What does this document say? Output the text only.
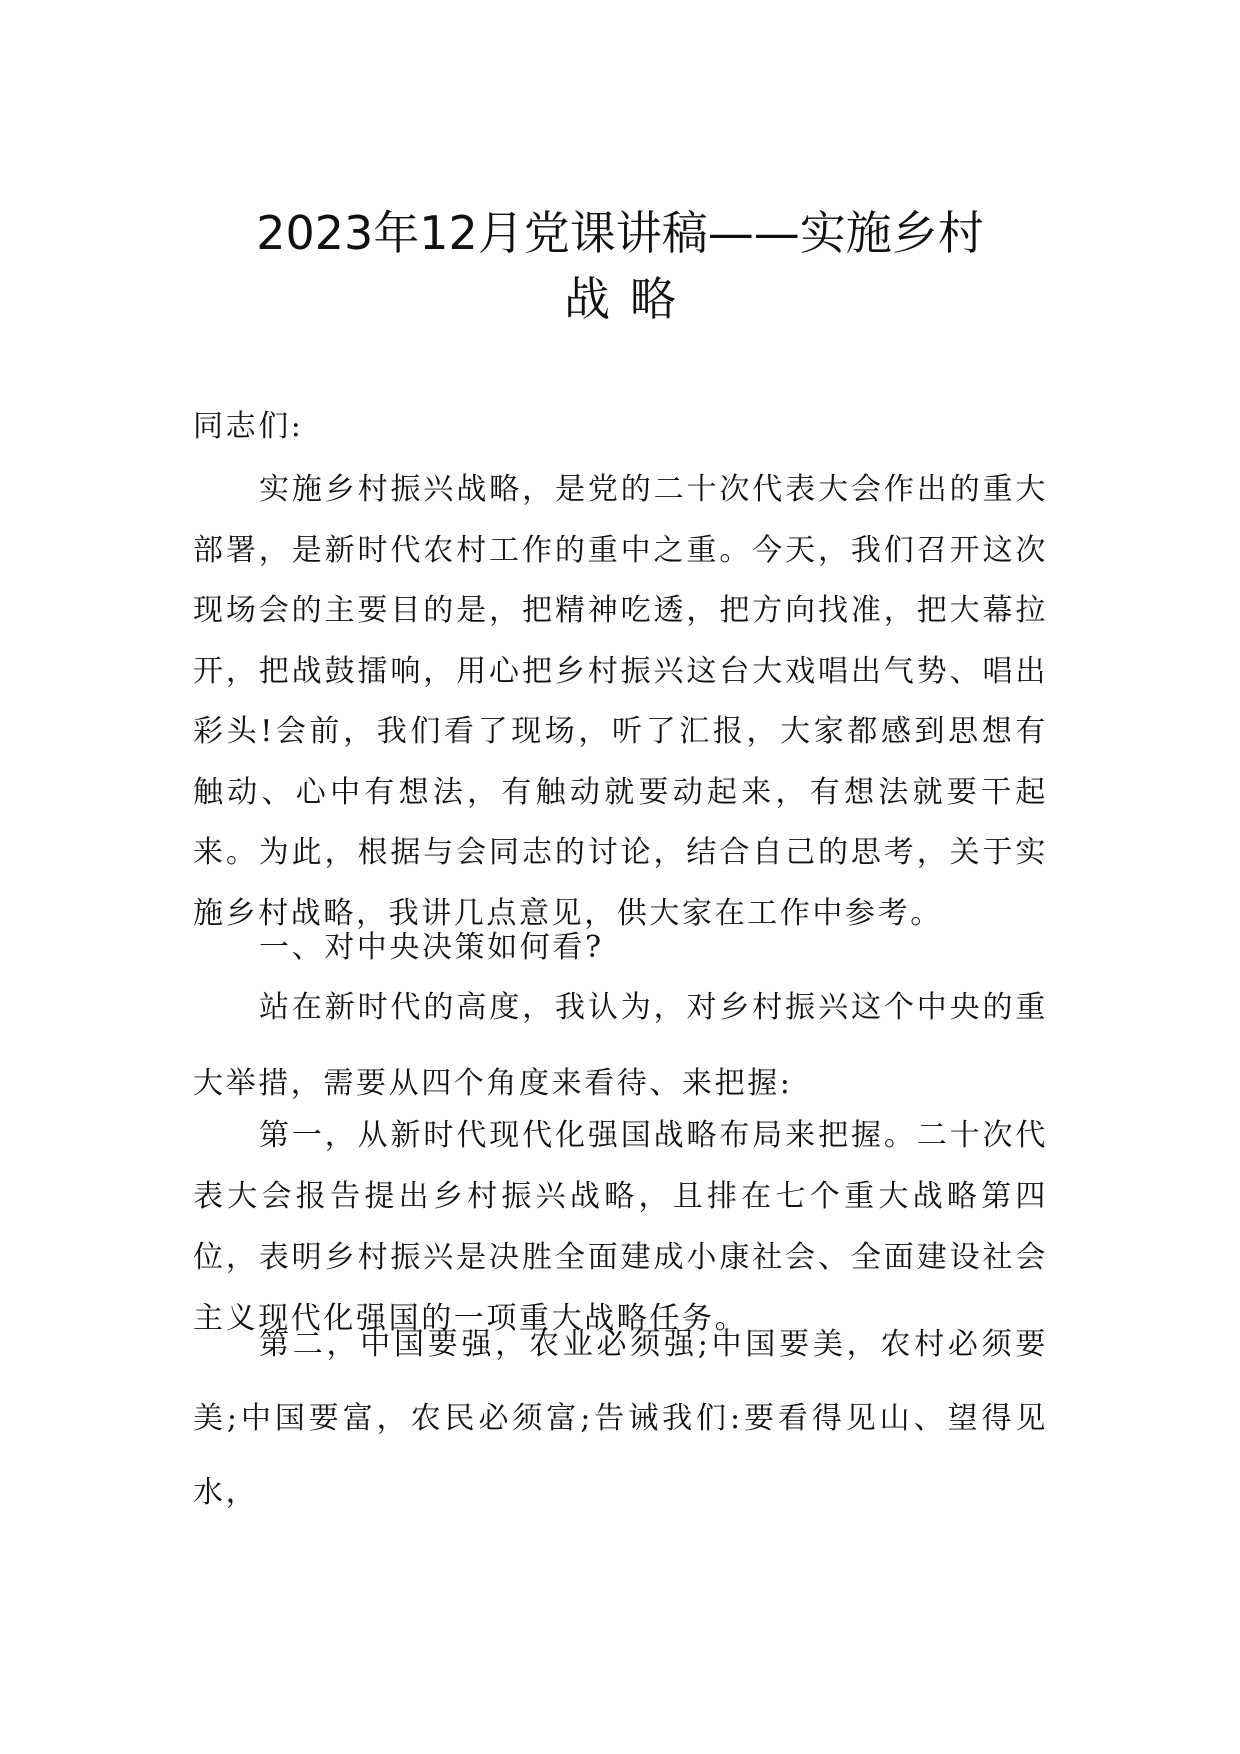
2023年12月党课讲稿——实施乡村
战略

同志们:

实施乡村振兴战略，是党的二十次代表大会作出的重大部署，是新时代农村工作的重中之重。今天，我们召开这次现场会的主要目的是，把精神吃透，把方向找准，把大幕拉开，把战鼓擂响，用心把乡村振兴这台大戏唱出气势、唱出彩头!会前，我们看了现场，听了汇报，大家都感到思想有触动、心中有想法，有触动就要动起来，有想法就要干起来。为此，根据与会同志的讨论，结合自己的思考，关于实施乡村战略，我讲几点意见，供大家在工作中参考。

一、对中央决策如何看?

站在新时代的高度，我认为，对乡村振兴这个中央的重大举措，需要从四个角度来看待、来把握:

第一，从新时代现代化强国战略布局来把握。二十次代表大会报告提出乡村振兴战略，且排在七个重大战略第四位，表明乡村振兴是决胜全面建成小康社会、全面建设社会主义现代化强国的一项重大战略任务。

第二，中国要强，农业必须强;中国要美，农村必须要美;中国要富，农民必须富;告诫我们:要看得见山、望得见水，
